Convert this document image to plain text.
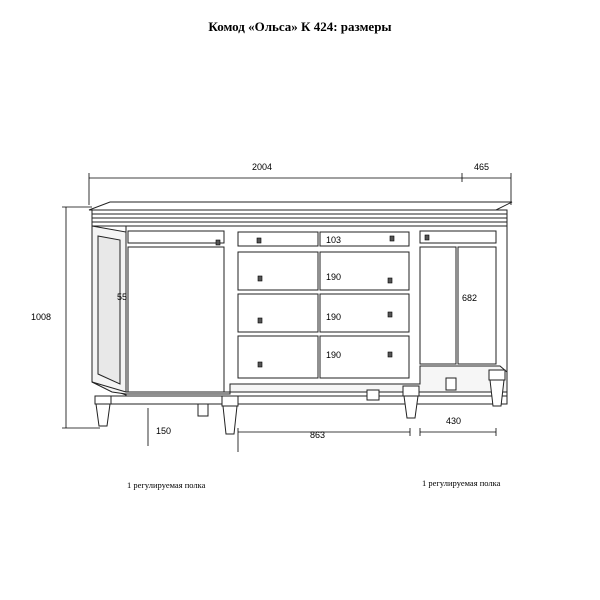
Комод «Ольса» К 424: размеры
2004	465
1008
103
190
190
190
55	682
150	863
430
1 регулируемая полка	1 регулируемая полка
